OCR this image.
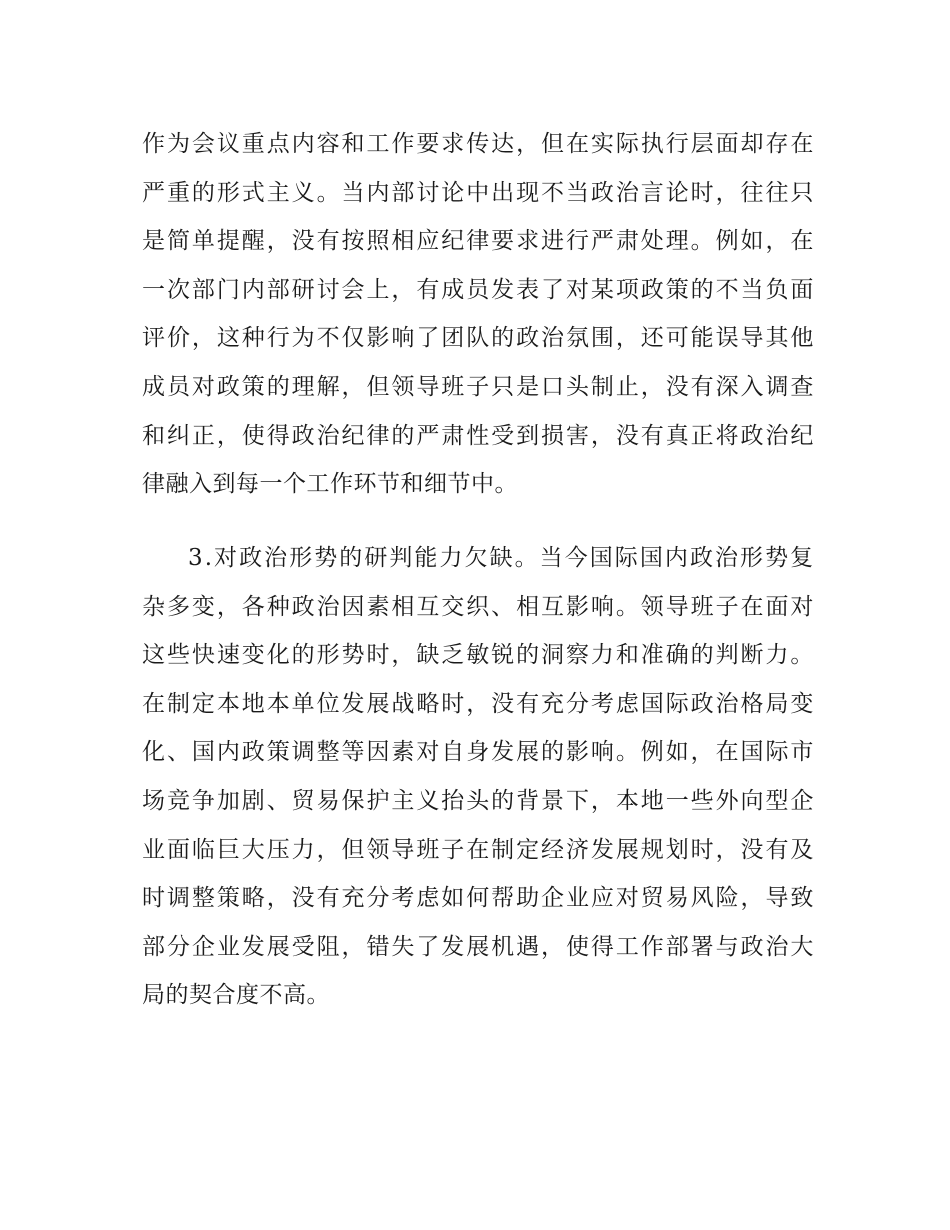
作 为 会 议 重 点 内 容 和 工 作 要 求 传 达 ， 但 在 实 际 执 行 层 面 却 存 在
严 重 的 形 式 主 义 。 当 内 部 讨 论 中 出 现 不 当 政 治 言 论 时 ， 往 往 只
是 简 单 提 醒 ， 没 有 按 照 相 应 纪 律 要 求 进 行 严 肃 处 理 。 例 如 ， 在
一 次 部 门 内 部 研 讨 会 上 ， 有 成 员 发 表 了 对 某 项 政 策 的 不 当 负 面
评 价 ， 这 种 行 为 不 仅 影 响 了 团 队 的 政 治 氛 围 ， 还 可 能 误 导 其 他
成 员 对 政 策 的 理 解 ， 但 领 导 班 子 只 是 口 头 制 止 ， 没 有 深 入 调 查
和 纠 正 ， 使 得 政 治 纪 律 的 严 肃 性 受 到 损 害 ， 没 有 真 正 将 政 治 纪
律融入到每一个工作环节和细节中。
3 . 对 政 治 形 势 的 研 判 能 力 欠 缺 。 当 今 国 际 国 内 政 治 形 势 复
杂 多 变 ， 各 种 政 治 因 素 相 互 交 织 、 相 互 影 响 。 领 导 班 子 在 面 对
这 些 快 速 变 化 的 形 势 时 ， 缺 乏 敏 锐 的 洞 察 力 和 准 确 的 判 断 力 。
在 制 定 本 地 本 单 位 发 展 战 略 时 ， 没 有 充 分 考 虑 国 际 政 治 格 局 变
化 、 国 内 政 策 调 整 等 因 素 对 自 身 发 展 的 影 响 。 例 如 ， 在 国 际 市
场 竞 争 加 剧 、 贸 易 保 护 主 义 抬 头 的 背 景 下 ， 本 地 一 些 外 向 型 企
业 面 临 巨 大 压 力 ， 但 领 导 班 子 在 制 定 经 济 发 展 规 划 时 ， 没 有 及
时 调 整 策 略 ， 没 有 充 分 考 虑 如 何 帮 助 企 业 应 对 贸 易 风 险 ， 导 致
部 分 企 业 发 展 受 阻 ， 错 失 了 发 展 机 遇 ， 使 得 工 作 部 署 与 政 治 大
局的契合度不高。
